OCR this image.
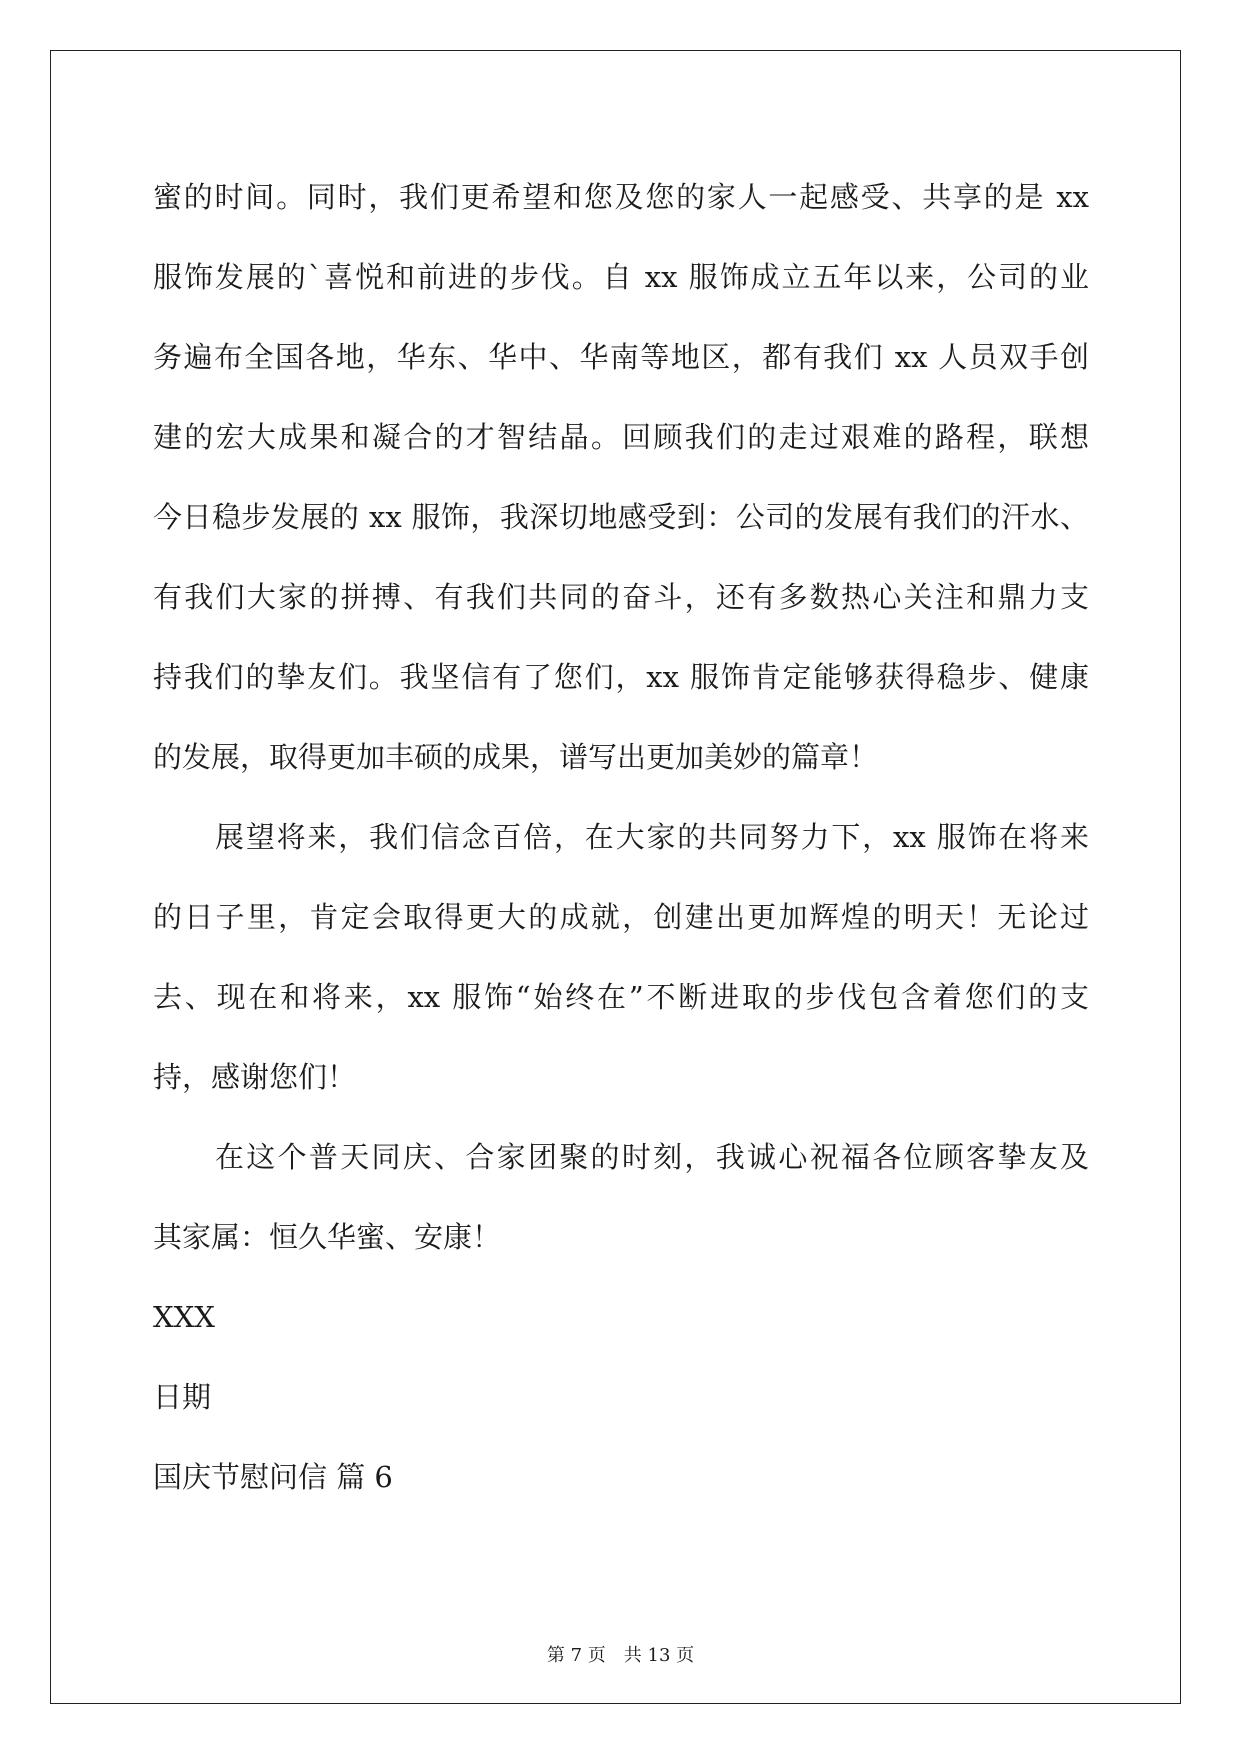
蜜的时间。同时，我们更希望和您及您的家人一起感受、共享的是 xx
服饰发展的`喜悦和前进的步伐。自 xx 服饰成立五年以来，公司的业
务遍布全国各地，华东、华中、华南等地区，都有我们 xx 人员双手创
建的宏大成果和凝合的才智结晶。回顾我们的走过艰难的路程，联想
今日稳步发展的 xx 服饰，我深切地感受到：公司的发展有我们的汗水、
有我们大家的拼搏、有我们共同的奋斗，还有多数热心关注和鼎力支
持我们的挚友们。我坚信有了您们，xx 服饰肯定能够获得稳步、健康
的发展，取得更加丰硕的成果，谱写出更加美妙的篇章！
展望将来，我们信念百倍，在大家的共同努力下，xx 服饰在将来
的日子里，肯定会取得更大的成就，创建出更加辉煌的明天！无论过
去、现在和将来，xx 服饰“始终在”不断进取的步伐包含着您们的支
持，感谢您们！
在这个普天同庆、合家团聚的时刻，我诚心祝福各位顾客挚友及
其家属：恒久华蜜、安康！
XXX
日期
国庆节慰问信 篇 6
第 7 页 共 13 页
